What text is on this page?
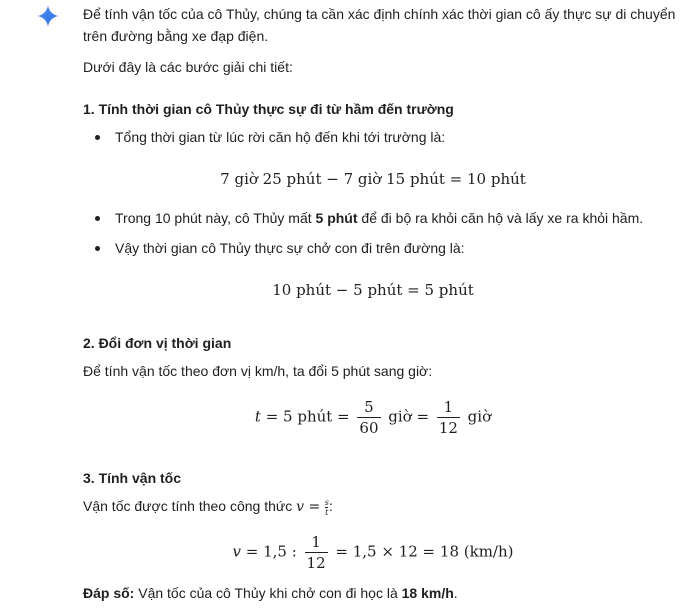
Để tính vận tốc của cô Thủy, chúng ta cần xác định chính xác thời gian cô ấy thực sự di chuyển

trên đường bằng xe đạp điện.

Dưới đây là các bước giải chi tiết:

1. Tính thời gian cô Thủy thực sự đi từ hầm đến trường

Tổng thời gian từ lúc rời căn hộ đến khi tới trường là:
7 giờ 25 phút − 7 giờ 15 phút = 10 phút
Trong 10 phút này, cô Thủy mất 5 phút để đi bộ ra khỏi căn hộ và lấy xe ra khỏi hầm.
Vậy thời gian cô Thủy thực sự chở con đi trên đường là:
10 phút − 5 phút = 5 phút

2. Đổi đơn vị thời gian

Để tính vận tốc theo đơn vị km/h, ta đổi 5 phút sang giờ:

t = 5 phút = $\frac{5}{60}$ giờ = $\frac{1}{12}$ giờ

3. Tính vận tốc

Vận tốc được tính theo công thức $v = \frac{s}{t}$ :

v = 1,5 : $\frac{1}{12} = 1,5 \times 12 = 18$ (km/h)

Đáp số: Vận tốc của cô Thủy khi chở con đi học là 18 km/h.
